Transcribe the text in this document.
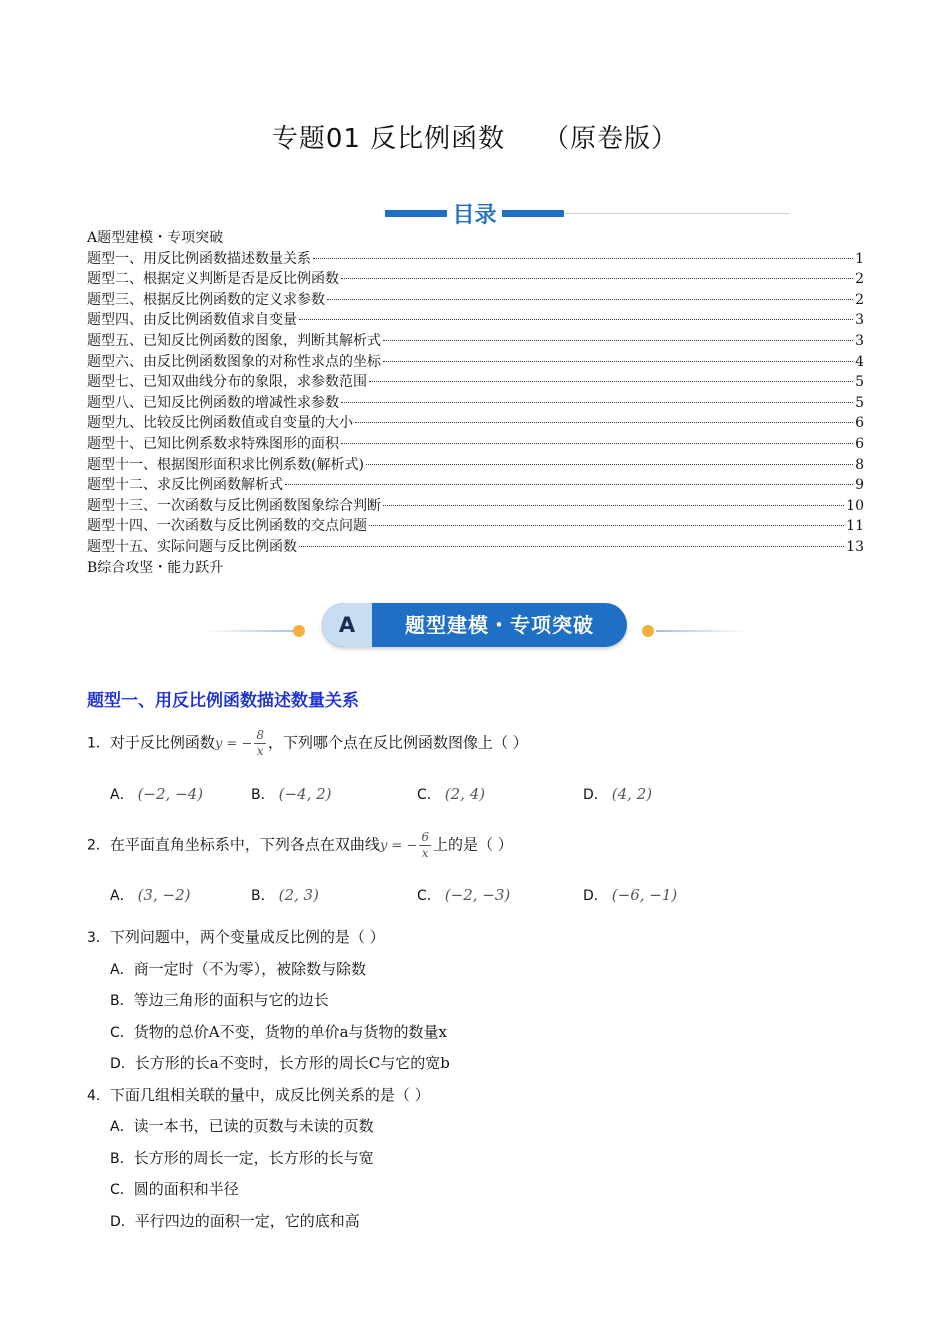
专题01 反比例函数 （原卷版）
目录
A题型建模・专项突破
题型一、用反比例函数描述数量关系	1
题型二、根据定义判断是否是反比例函数	2
题型三、根据反比例函数的定义求参数	2
题型四、由反比例函数值求自变量	3
题型五、已知反比例函数的图象，判断其解析式	3
题型六、由反比例函数图象的对称性求点的坐标	4
题型七、已知双曲线分布的象限，求参数范围	5
题型八、已知反比例函数的增减性求参数	5
题型九、比较反比例函数值或自变量的大小	6
题型十、已知比例系数求特殊图形的面积	6
题型十一、根据图形面积求比例系数(解析式)	8
题型十二、求反比例函数解析式	9
题型十三、一次函数与反比例函数图象综合判断	10
题型十四、一次函数与反比例函数的交点问题	11
题型十五、实际问题与反比例函数	13
B综合攻坚・能力跃升
A	题型建模・专项突破
题型一、用反比例函数描述数量关系
1．对于反比例函数y = − $\frac{8}{x}$ ，下列哪个点在反比例函数图像上（ ）
A． (−2, −4)	B． (−4, 2)	C． (2, 4)	D． (4, 2)
2．在平面直角坐标系中，下列各点在双曲线y = − $\frac{6}{x}$ 上的是（ ）
A． (3, −2)	B． (2, 3)	C． (−2, −3)	D． (−6, −1)
3．下列问题中，两个变量成反比例的是（ ）
A．商一定时（不为零），被除数与除数
B．等边三角形的面积与它的边长
C．货物的总价A不变，货物的单价a与货物的数量x
D．长方形的长a不变时，长方形的周长C与它的宽b
4．下面几组相关联的量中，成反比例关系的是（ ）
A．读一本书，已读的页数与未读的页数
B．长方形的周长一定，长方形的长与宽
C．圆的面积和半径
D．平行四边的面积一定，它的底和高
